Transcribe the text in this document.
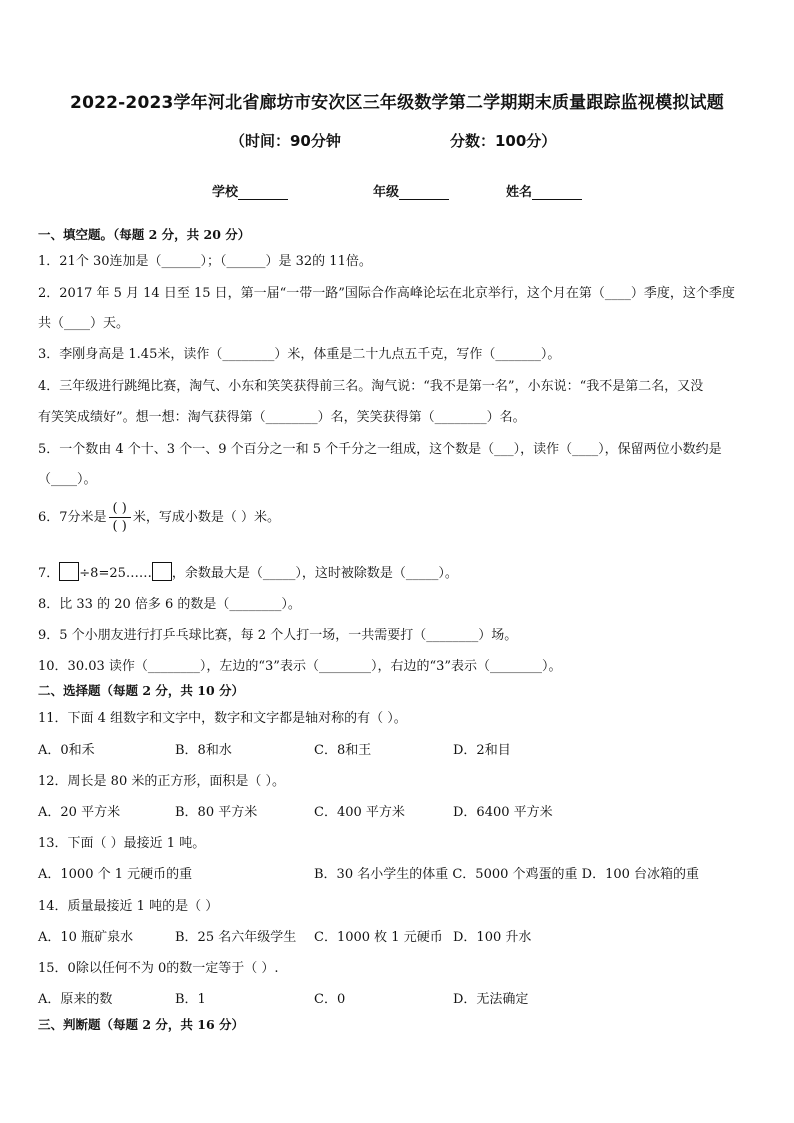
2022-2023学年河北省廊坊市安次区三年级数学第二学期期末质量跟踪监视模拟试题
（时间：90分钟	分数：100分）
学校	年级	姓名
一、填空题。（每题 2 分，共 20 分）
1．21个 30连加是（______）；（______）是 32的 11倍。
2．2017 年 5 月 14 日至 15 日，第一届“一带一路”国际合作高峰论坛在北京举行，这个月在第（____）季度，这个季度
共（____）天。
3．李刚身高是 1.45米，读作（________）米，体重是二十九点五千克，写作（_______）。
4．三年级进行跳绳比赛，淘气、小东和笑笑获得前三名。淘气说：“我不是第一名”，小东说：“我不是第二名，又没
有笑笑成绩好”。想一想：淘气获得第（________）名，笑笑获得第（________）名。
5．一个数由 4 个十、3 个一、9 个百分之一和 5 个千分之一组成，这个数是（___），读作（____），保留两位小数约是
（____）。
6．7分米是 $\frac{( )}{( )}$ 米，写成小数是（ ）米。
7． ÷8=25…… ，余数最大是（_____），这时被除数是（_____）。
8．比 33 的 20 倍多 6 的数是（________）。
9．5 个小朋友进行打乒乓球比赛，每 2 个人打一场，一共需要打（________）场。
10．30.03 读作（________），左边的“3”表示（________），右边的“3”表示（________）。
二、选择题（每题 2 分，共 10 分）
11．下面 4 组数字和文字中，数字和文字都是轴对称的有（ ）。
A．0和禾	B．8和水	C．8和王	D．2和目
12．周长是 80 米的正方形，面积是（ ）。
A．20 平方米	B．80 平方米	C．400 平方米	D．6400 平方米
13．下面（ ）最接近 1 吨。
A．1000 个 1 元硬币的重	B．30 名小学生的体重 C．5000 个鸡蛋的重 D．100 台冰箱的重
14．质量最接近 1 吨的是（ ）
A．10 瓶矿泉水	B．25 名六年级学生 C．1000 枚 1 元硬币 D．100 升水
15．0除以任何不为 0的数一定等于（ ）.
A．原来的数	B．1	C．0	D．无法确定
三、判断题（每题 2 分，共 16 分）
